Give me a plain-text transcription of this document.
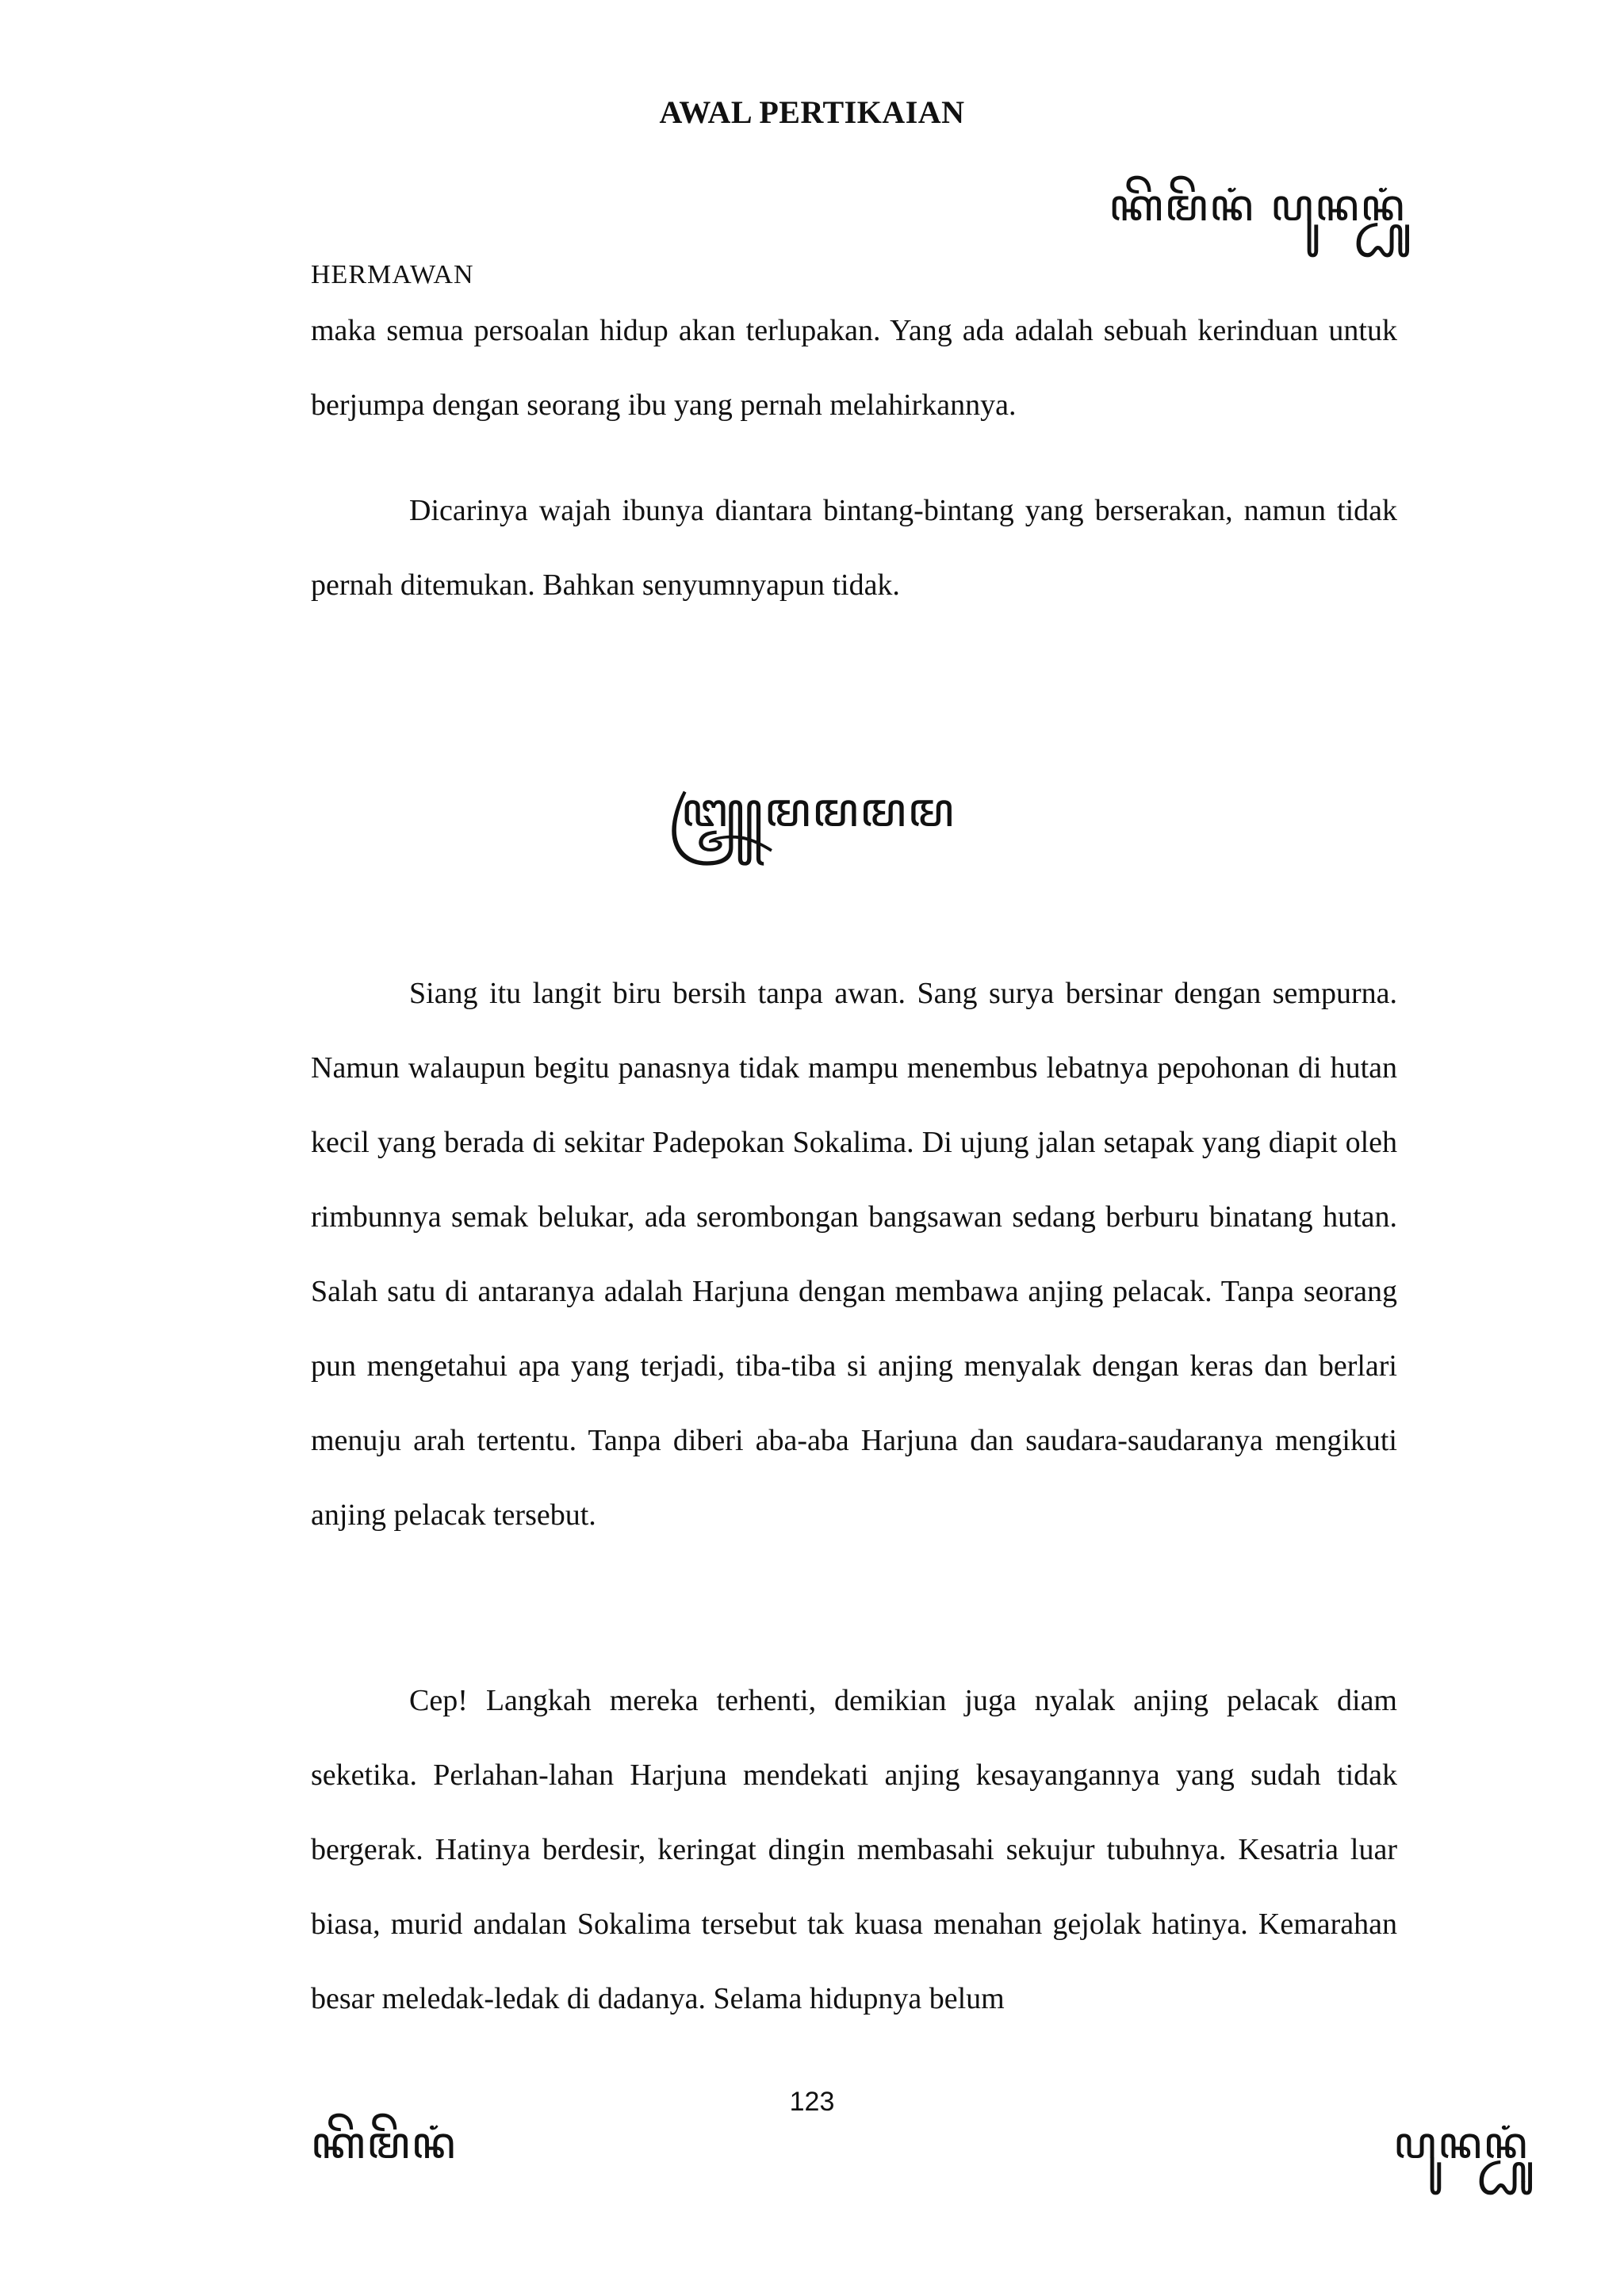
AWAL PERTIKAIAN
ꦏꦼꦩꦼꦤꦁ ꦥꦸꦤꦤ꧀ꦝꦸꦁ
HERMAWAN
maka semua persoalan hidup akan terlupakan. Yang ada adalah sebuah kerinduan untuk berjumpa dengan seorang ibu yang pernah melahirkannya.
Dicarinya wajah ibunya diantara bintang-bintang yang berserakan, namun tidak pernah ditemukan. Bahkan senyumnyapun tidak.
꧅ꦩꦩꦩꦩ
Siang itu langit biru bersih tanpa awan. Sang surya bersinar dengan sempurna. Namun walaupun begitu panasnya tidak mampu menembus lebatnya pepohonan di hutan kecil yang berada di sekitar Padepokan Sokalima. Di ujung jalan setapak yang diapit oleh rimbunnya semak belukar, ada serombongan bangsawan sedang berburu binatang hutan. Salah satu di antaranya adalah Harjuna dengan membawa anjing pelacak. Tanpa seorang pun mengetahui apa yang terjadi, tiba-tiba si anjing menyalak dengan keras dan berlari menuju arah tertentu. Tanpa diberi aba-aba Harjuna dan saudara-saudaranya mengikuti anjing pelacak tersebut.
Cep! Langkah mereka terhenti, demikian juga nyalak anjing pelacak diam seketika. Perlahan-lahan Harjuna mendekati anjing kesayangannya yang sudah tidak bergerak. Hatinya berdesir, keringat dingin membasahi sekujur tubuhnya. Kesatria luar biasa, murid andalan Sokalima tersebut tak kuasa menahan gejolak hatinya. Kemarahan besar meledak-ledak di dadanya. Selama hidupnya belum
123
ꦏꦼꦩꦼꦤꦁ	ꦥꦸꦤꦤ꧀ꦝꦸꦁ
